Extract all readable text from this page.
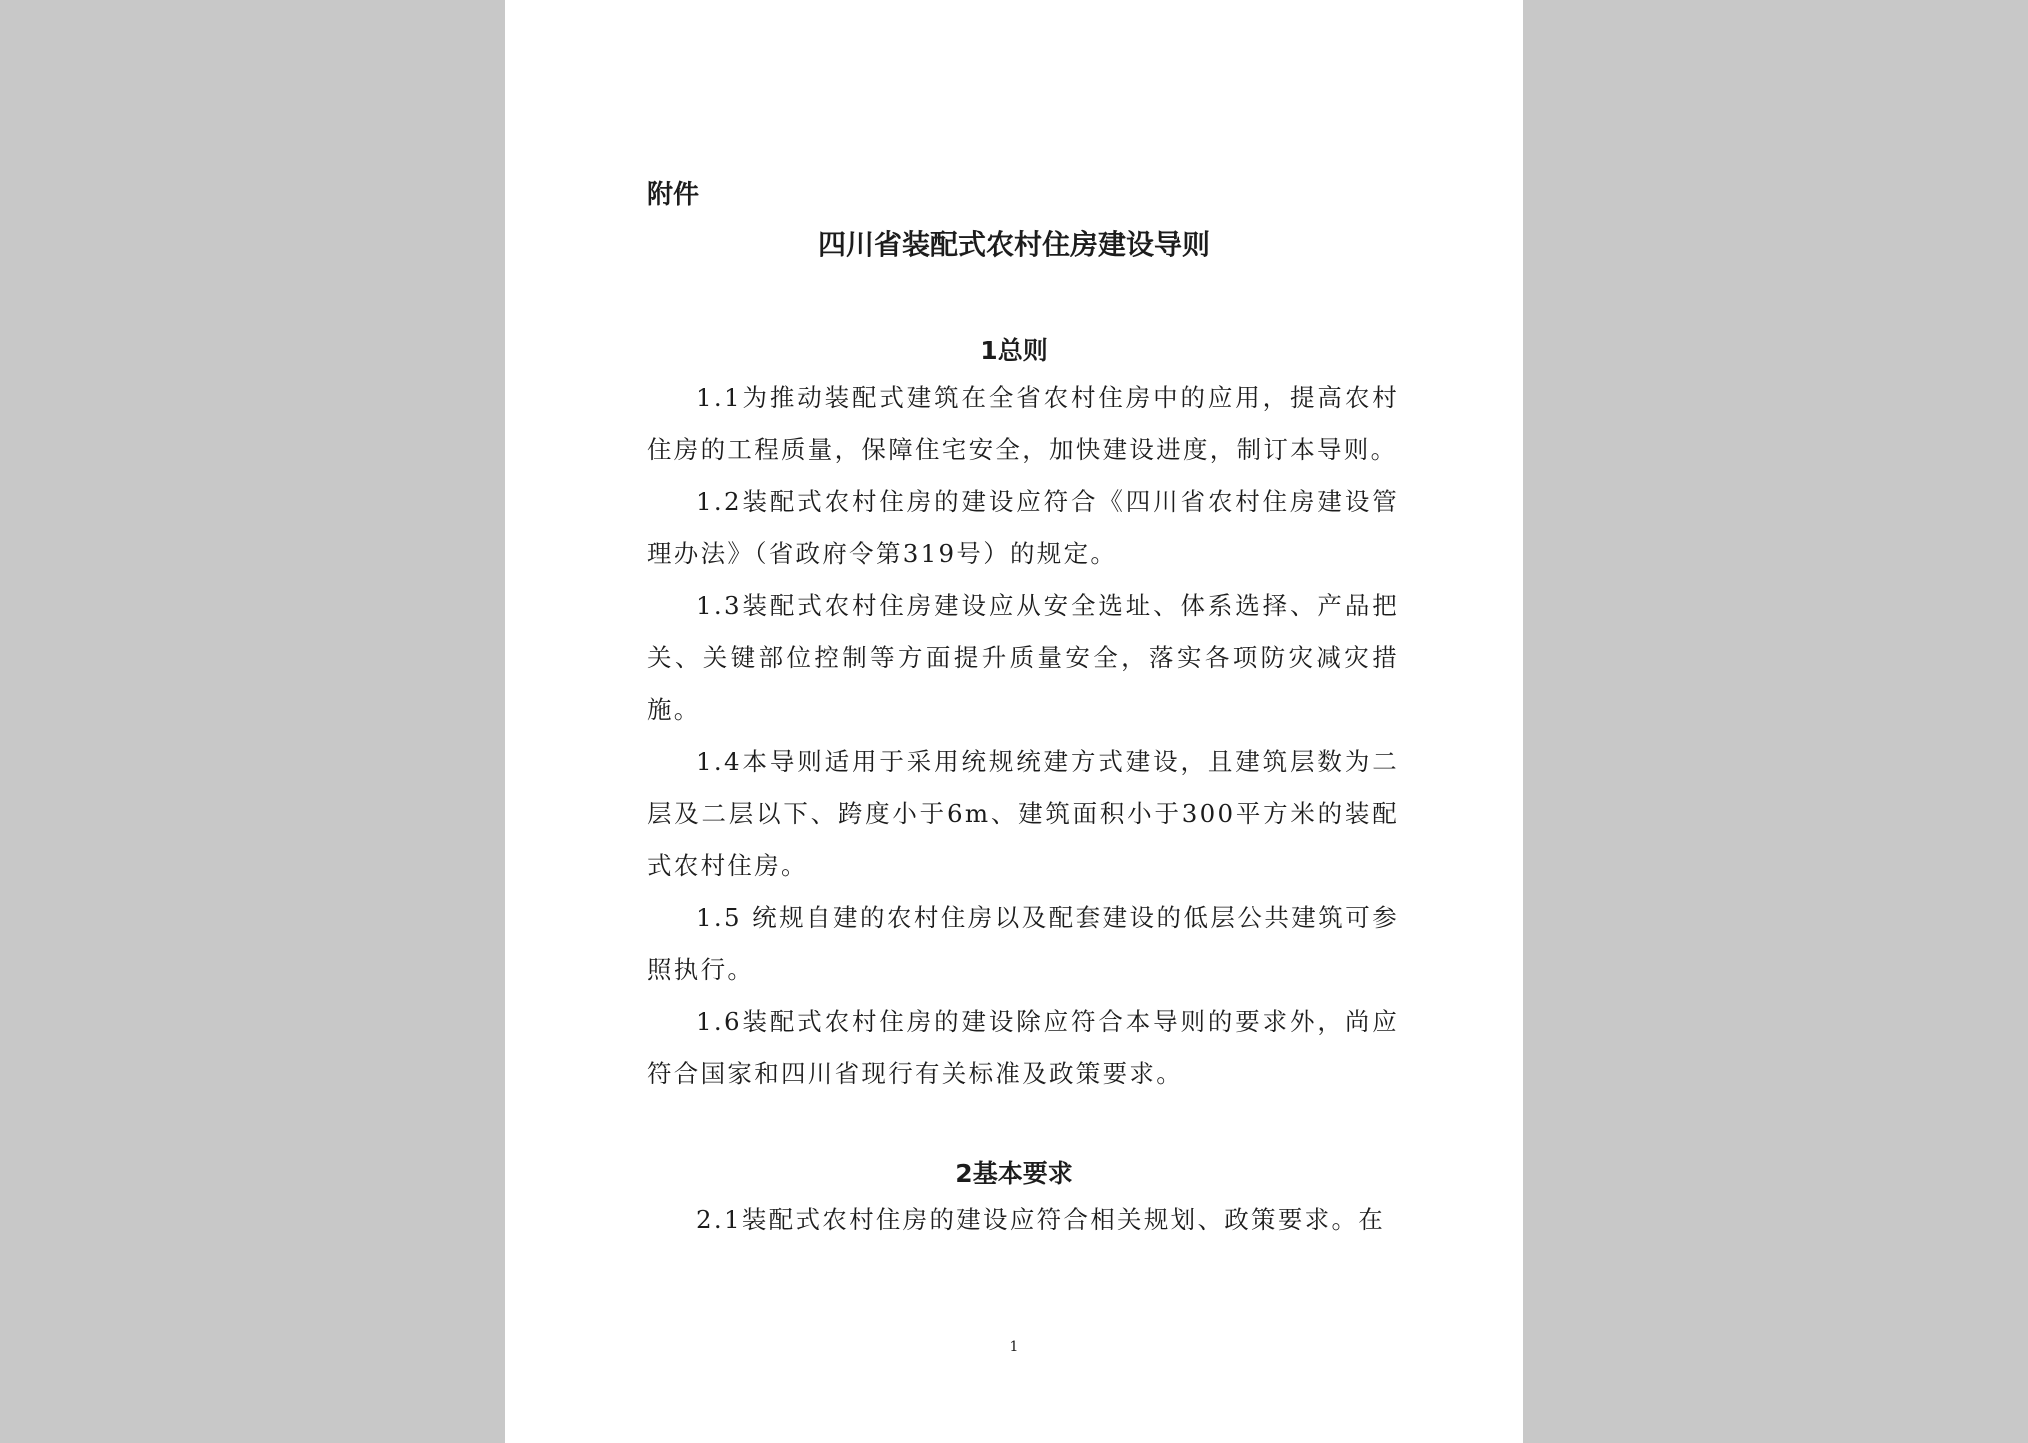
附件
四川省装配式农村住房建设导则
1总则

1.1为推动装配式建筑在全省农村住房中的应用，提高农村住房的工程质量，保障住宅安全，加快建设进度，制订本导则。

1.2装配式农村住房的建设应符合《四川省农村住房建设管理办法》（省政府令第319号）的规定。

1.3装配式农村住房建设应从安全选址、体系选择、产品把关、关键部位控制等方面提升质量安全，落实各项防灾减灾措施。

1.4本导则适用于采用统规统建方式建设，且建筑层数为二层及二层以下、跨度小于6m、建筑面积小于300平方米的装配式农村住房。

1.5 统规自建的农村住房以及配套建设的低层公共建筑可参照执行。

1.6装配式农村住房的建设除应符合本导则的要求外，尚应符合国家和四川省现行有关标准及政策要求。

2基本要求

2.1装配式农村住房的建设应符合相关规划、政策要求。在

1
